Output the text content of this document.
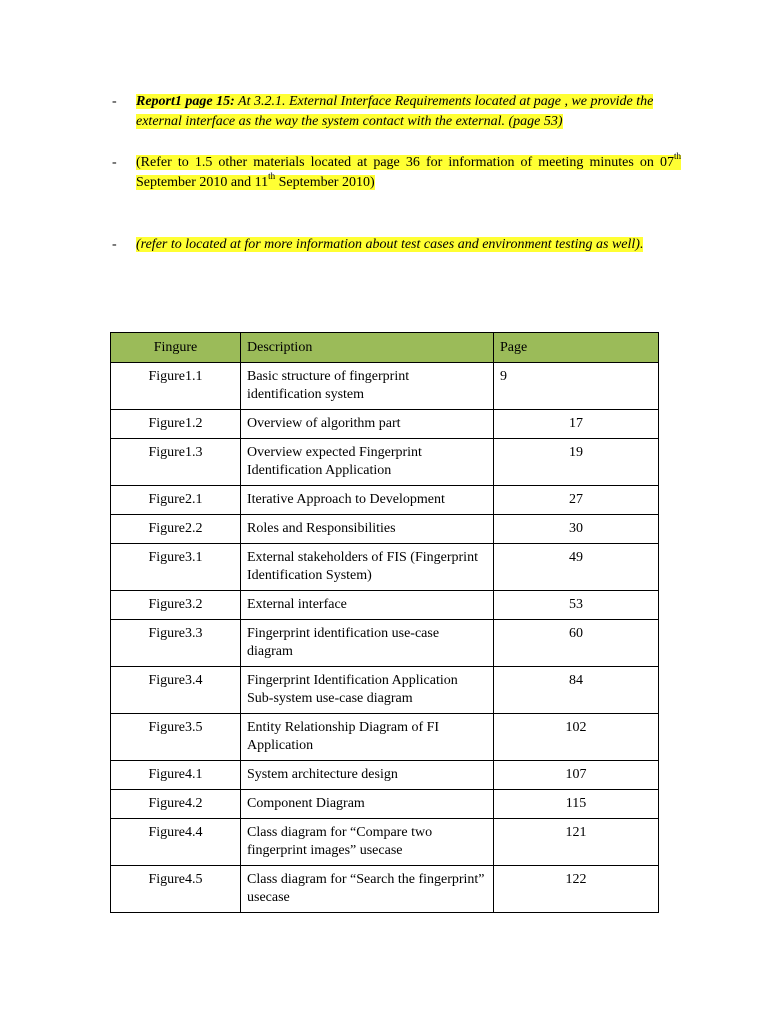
- Report1 page 15: At 3.2.1. External Interface Requirements located at page , we provide the external interface as the way the system contact with the external. (page 53)
- (Refer to 1.5 other materials located at page 36 for information of meeting minutes on 07th September 2010 and 11th September 2010)
- (refer to located at for more information about test cases and environment testing as well).
Fingure	Description	Page
Figure1.1	Basic structure of fingerprint identification system	9
Figure1.2	Overview of algorithm part	17
Figure1.3	Overview expected Fingerprint Identification Application	19
Figure2.1	Iterative Approach to Development	27
Figure2.2	Roles and Responsibilities	30
Figure3.1	External stakeholders of FIS (Fingerprint Identification System)	49
Figure3.2	External interface	53
Figure3.3	Fingerprint identification use-case diagram	60
Figure3.4	Fingerprint Identification Application Sub-system use-case diagram	84
Figure3.5	Entity Relationship Diagram of FI Application	102
Figure4.1	System architecture design	107
Figure4.2	Component Diagram	115
Figure4.4	Class diagram for “Compare two fingerprint images” usecase	121
Figure4.5	Class diagram for “Search the fingerprint” usecase	122
